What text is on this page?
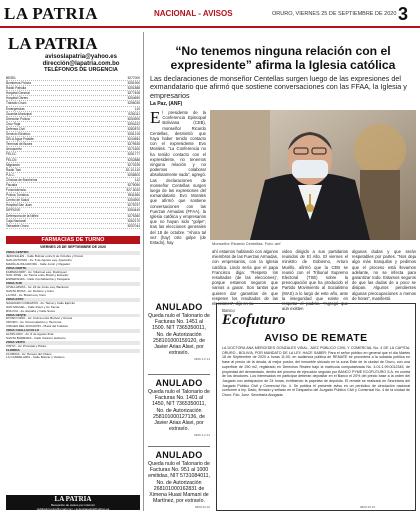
LA PATRIA	NACIONAL - AVISOS	ORURO, VIERNES 25 DE SEPTIEMBRE DE 2020 3
LA PATRIA
avisoslapatria@yahoo.es
dirección@lapatria.com.bo
TELÉFONOS DE URGENCIA
BESEL	5277000
Bomberos Policía	5251900
Radio Patrulla	5251888
Hospital General	5277408
Hospital Obrero	5254690
Tránsito Oruro	5256030
Emergencias	110
Guardia Municipal	5251111
Dirección Policía	5254900
Cruz Roja	5254222
Defensa Civil	5282870
Servicio Eléctrico	5251215
SELA Agua Potable	5244554
Terminal de Buses	5279535
Aeropuerto	5271600
FELCC	5251777
FELCN	5252888
Migración	5270239
Radio Taxi	52-10-110
P.A.C.	5258500
Clínicas de Bomberos	112
Fiscalía	5275050
Fonoviolencia	527-5020
Policía Turística	5511560
Centro de Salud	5254900
Hospital San Juan	5275757
DIPROVE	5254440
Defensoría de la Niñez	5276360
Caja Nacional	5262170
Telecable Oruro	5257044
FARMACIAS DE TURNO
VIERNES 25 DE SEPTIEMBRE DE 2020
ZONA CENTRO
JERUSALÉN - Calle Bolívar entre 6 de Octubre y Potosí
SAN ANTONIO - Av. 6 de Agosto esq. Ayacucho
MARÍA AUXILIADORA - Calle Junín y Pagador
ZONA NORTE
FARMACORP - Av. Villarroel esq. Rodríguez
SAN JOSÉ - Av. Tacna entre Brasil y Ecuador
ESPERANZA - Calle Cochabamba y Tarapacá
ZONA SUD
CHALLAPATA - Av. 24 de Junio esq. Backovic
SANTA ROSA - Av. Dehene y Caro
LA PAZ - Av. Brasil esq. Caro
ZONA ESTE
SAGRADO CORAZÓN - Av. Tacna y Calle Ejército
SAN MIGUEL - Calle Petot y Av. Tacna
BOLIVIA - Av. España y Calle Sucre
ZONA OESTE
DIVINO NIÑO - Av. Cívica entre Bolívar y Aroma
ORURO - Av. Circunvalación y Heroínas
VIRGEN DEL SOCAVÓN - Plaza del Folklore
ZONA CHALLACOLLO
ALTIPLANO - Av. 6 de Agosto final
SANTA BÁRBARA - Calle Velasco Galvarro
ZONA VINTO
VINTO - Av. Principal y Plaza
FLORIDA
FLORIDA - Av. Héroes del Chaco
LA CANDELARIA - Calle Bolívar y Velasco
LA PATRIA
Recepción de avisos por internet:
publiquimyotro@gmail.com • avisoslapatria@yahoo.es
“No tenemos ninguna relación con el expresidente” afirma la Iglesia católica
Las declaraciones de monseñor Centellas surgen luego de las expresiones del exmandatario que afirmó que sostiene conversaciones con las FFAA, la Iglesia y empresarios
La Paz, (ANF)
El presidente de la Conferencia Episcopal Boliviana (CEB), monseñor Ricardo Centellas, desmintió que haya haber tenido contacto con el expresidente Evo Morales. “La Conferencia no ha tenido contacto con el expresidente, no tenemos ninguna relación y no podemos colaborar absolutamente nada”, agregó. Las declaraciones de monseñor Centellas surgen luego de las expresiones del exmandatario Evo Morales que afirmó que sostiene conversaciones con las Fuerzas Armadas (FFAA), la Iglesia católica y empresarios que no hayan sido “golpe”, tras las elecciones generales del 18 de octubre. “Ahora tal vez (hay) otro golpe (de Estado), hay	Monseñor Ricardo Centellas. Foto: anf
ahí estamos hablando con algunos miembros de las Fuerzas Armadas, con empresarios, con la Iglesia católica. Lindo sería que el papa Francisco diga: ‘Respeto los resultados (de las elecciones)’, porque estamos seguros que vamos a ganar. Son tantos que quieren dar garantías de que respeten los resultados de las elecciones”, dijo en su
video dirigido a sus partidarios reunidos de El Alto. El viernes el ministro de Gobierno, Arturo Murillo, afirmó que la CEB se reunió con el Tribunal Supremo Electoral (TSE) sobre la preocupación que ha producido el Partido Movimiento al Socialismo (MAS) a lo largo de este año, ante la inseguridad que existe en respetar el padrón. “Agregó que aún existen
algunas dudas y que serán respetables por partes. “Nos deja algo más tranquilos y pedimos que el proceso está llevamos adelante, no se infecta para garantizar todo. Estamos seguros de que las dudas de a poco se disipan. Algunos pendientes algunas preocupaciones a menos de horas”, manifestó.
ANULADO
Queda nulo el Talonario de Facturas No. 1451 al 1500. NIT 7365350011, No. de Autorización 258101000159120, de Javier Arias Alavi, por extravío.
0309 1-2 14
ANULADO
Queda nulo el Talonario de Facturas No. 1401 al 1450, NIT 7365350011, No. de Autorización 258101000127136, de Javier Arias Alavi, por extravío.
0309 1-2 14
ANULADO
Queda nulo el Talonario de Facturas No. 951 al 1000 emitidas, NIT 5731084011, No. de Autorización 268101000162831 de Ximena Huasi Mamani de Martínez, por extravío.
0829 23 10
Banco
Ecofuturo
AVISO DE REMATE
LA DOCTORA ANA MERCEDES GONZALES VIDAL, JUEZ PÚBLICO CIVIL Y COMERCIAL No. 4 DE LA CAPITAL ORURO - BOLIVIA, POR MANDATO DE LA LEY, HACE SABER: Para el señor público en general que el día Martes 18 de Septiembre de 2020 a horas 11:00, en audiencia pública de REMATE se procederá a la subasta pública en base al precio de la deuda, al mejor postor, del inmueble ubicado en la zona Este de la ciudad de Oruro, con una superficie de 250 m2, registrado en Derechos Reales bajo la matrícula computarizada No. 4.01.1.99.0012345, de propiedad del demandado, dentro del proceso de ejecución seguido por BANCO PYME ECOFUTURO S.A. en contra de los deudores. Los interesados en participar deberán depositar en el Banco el 20% del precio base a la orden del Juzgado con anticipación de 24 horas, exhibiendo la papeleta de depósito. El remate se realizará en Secretaría del Juzgado Público Civil y Comercial No. 4. Se publica el presente aviso en un periódico de circulación nacional conforme a ley. Dado, firmado y sellado en el Despacho del Juzgado Público Civil y Comercial No. 4 de la ciudad de Oruro. Fdo. Juez. Secretaria Abogada.
0829 23 23
